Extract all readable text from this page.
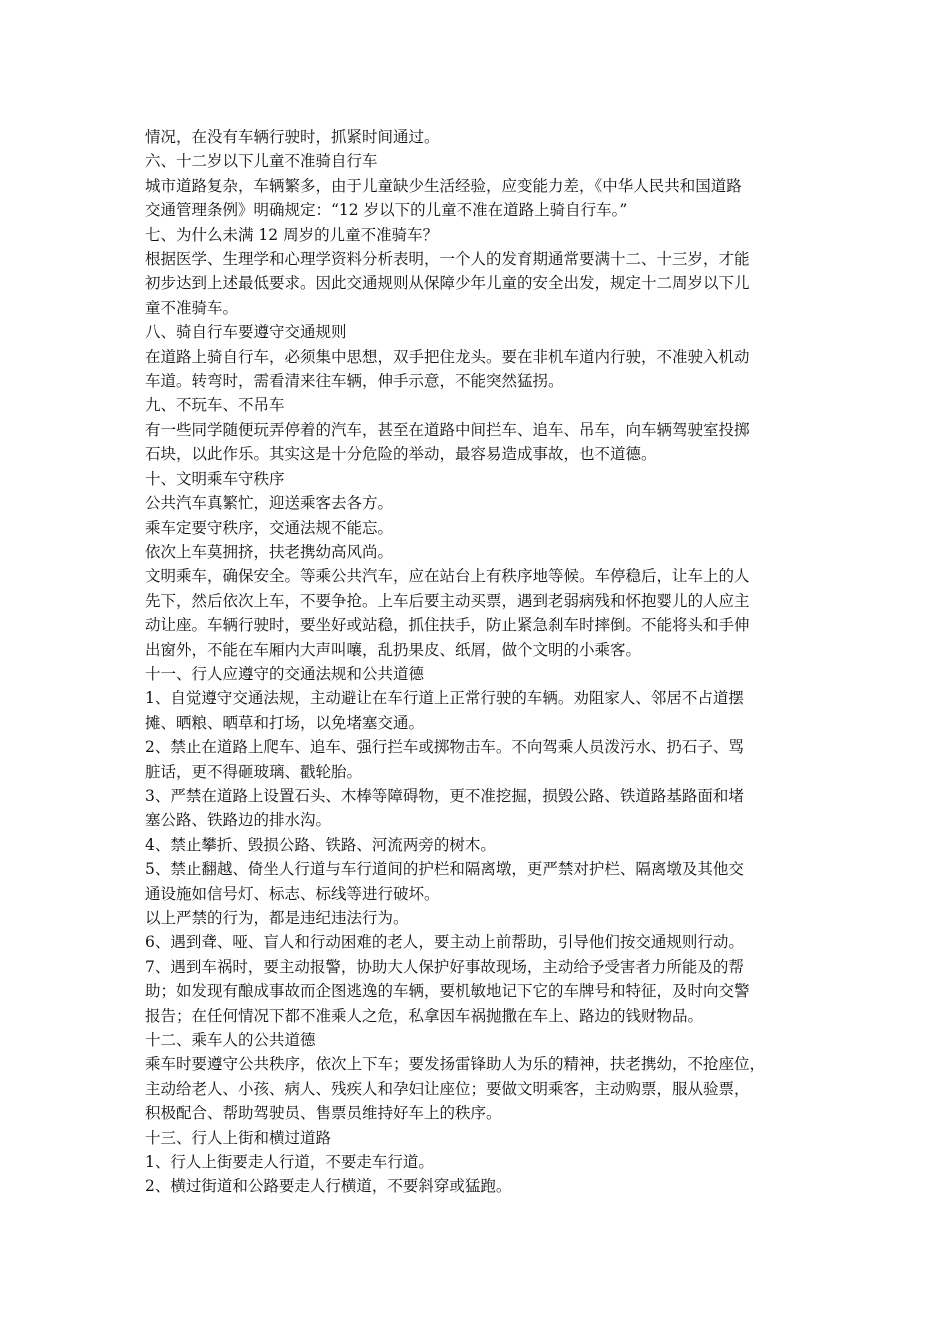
情况，在没有车辆行驶时，抓紧时间通过。

六、十二岁以下儿童不准骑自行车

城市道路复杂，车辆繁多，由于儿童缺少生活经验，应变能力差，《中华人民共和国道路
交通管理条例》明确规定：“12 岁以下的儿童不准在道路上骑自行车。”

七、为什么未满 12 周岁的儿童不准骑车？

根据医学、生理学和心理学资料分析表明，一个人的发育期通常要满十二、十三岁，才能
初步达到上述最低要求。因此交通规则从保障少年儿童的安全出发，规定十二周岁以下儿
童不准骑车。

八、骑自行车要遵守交通规则

在道路上骑自行车，必须集中思想，双手把住龙头。要在非机车道内行驶，不准驶入机动
车道。转弯时，需看清来往车辆，伸手示意，不能突然猛拐。

九、不玩车、不吊车

有一些同学随便玩弄停着的汽车，甚至在道路中间拦车、追车、吊车，向车辆驾驶室投掷
石块，以此作乐。其实这是十分危险的举动，最容易造成事故，也不道德。

十、文明乘车守秩序

公共汽车真繁忙，迎送乘客去各方。

乘车定要守秩序，交通法规不能忘。

依次上车莫拥挤，扶老携幼高风尚。

文明乘车，确保安全。等乘公共汽车，应在站台上有秩序地等候。车停稳后，让车上的人
先下，然后依次上车，不要争抢。上车后要主动买票，遇到老弱病残和怀抱婴儿的人应主
动让座。车辆行驶时，要坐好或站稳，抓住扶手，防止紧急刹车时摔倒。不能将头和手伸
出窗外，不能在车厢内大声叫嚷，乱扔果皮、纸屑，做个文明的小乘客。

十一、行人应遵守的交通法规和公共道德

1、自觉遵守交通法规，主动避让在车行道上正常行驶的车辆。劝阻家人、邻居不占道摆
摊、晒粮、晒草和打场，以免堵塞交通。

2、禁止在道路上爬车、追车、强行拦车或掷物击车。不向驾乘人员泼污水、扔石子、骂
脏话，更不得砸玻璃、戳轮胎。

3、严禁在道路上设置石头、木棒等障碍物，更不准挖掘，损毁公路、铁道路基路面和堵
塞公路、铁路边的排水沟。

4、禁止攀折、毁损公路、铁路、河流两旁的树木。

5、禁止翻越、倚坐人行道与车行道间的护栏和隔离墩，更严禁对护栏、隔离墩及其他交
通设施如信号灯、标志、标线等进行破坏。

以上严禁的行为，都是违纪违法行为。

6、遇到聋、哑、盲人和行动困难的老人，要主动上前帮助，引导他们按交通规则行动。

7、遇到车祸时，要主动报警，协助大人保护好事故现场，主动给予受害者力所能及的帮
助；如发现有酿成事故而企图逃逸的车辆，要机敏地记下它的车牌号和特征，及时向交警
报告；在任何情况下都不准乘人之危，私拿因车祸抛撒在车上、路边的钱财物品。

十二、乘车人的公共道德

乘车时要遵守公共秩序，依次上下车；要发扬雷锋助人为乐的精神，扶老携幼，不抢座位，
主动给老人、小孩、病人、残疾人和孕妇让座位；要做文明乘客，主动购票，服从验票，
积极配合、帮助驾驶员、售票员维持好车上的秩序。

十三、行人上街和横过道路

1、行人上街要走人行道，不要走车行道。

2、横过街道和公路要走人行横道，不要斜穿或猛跑。
